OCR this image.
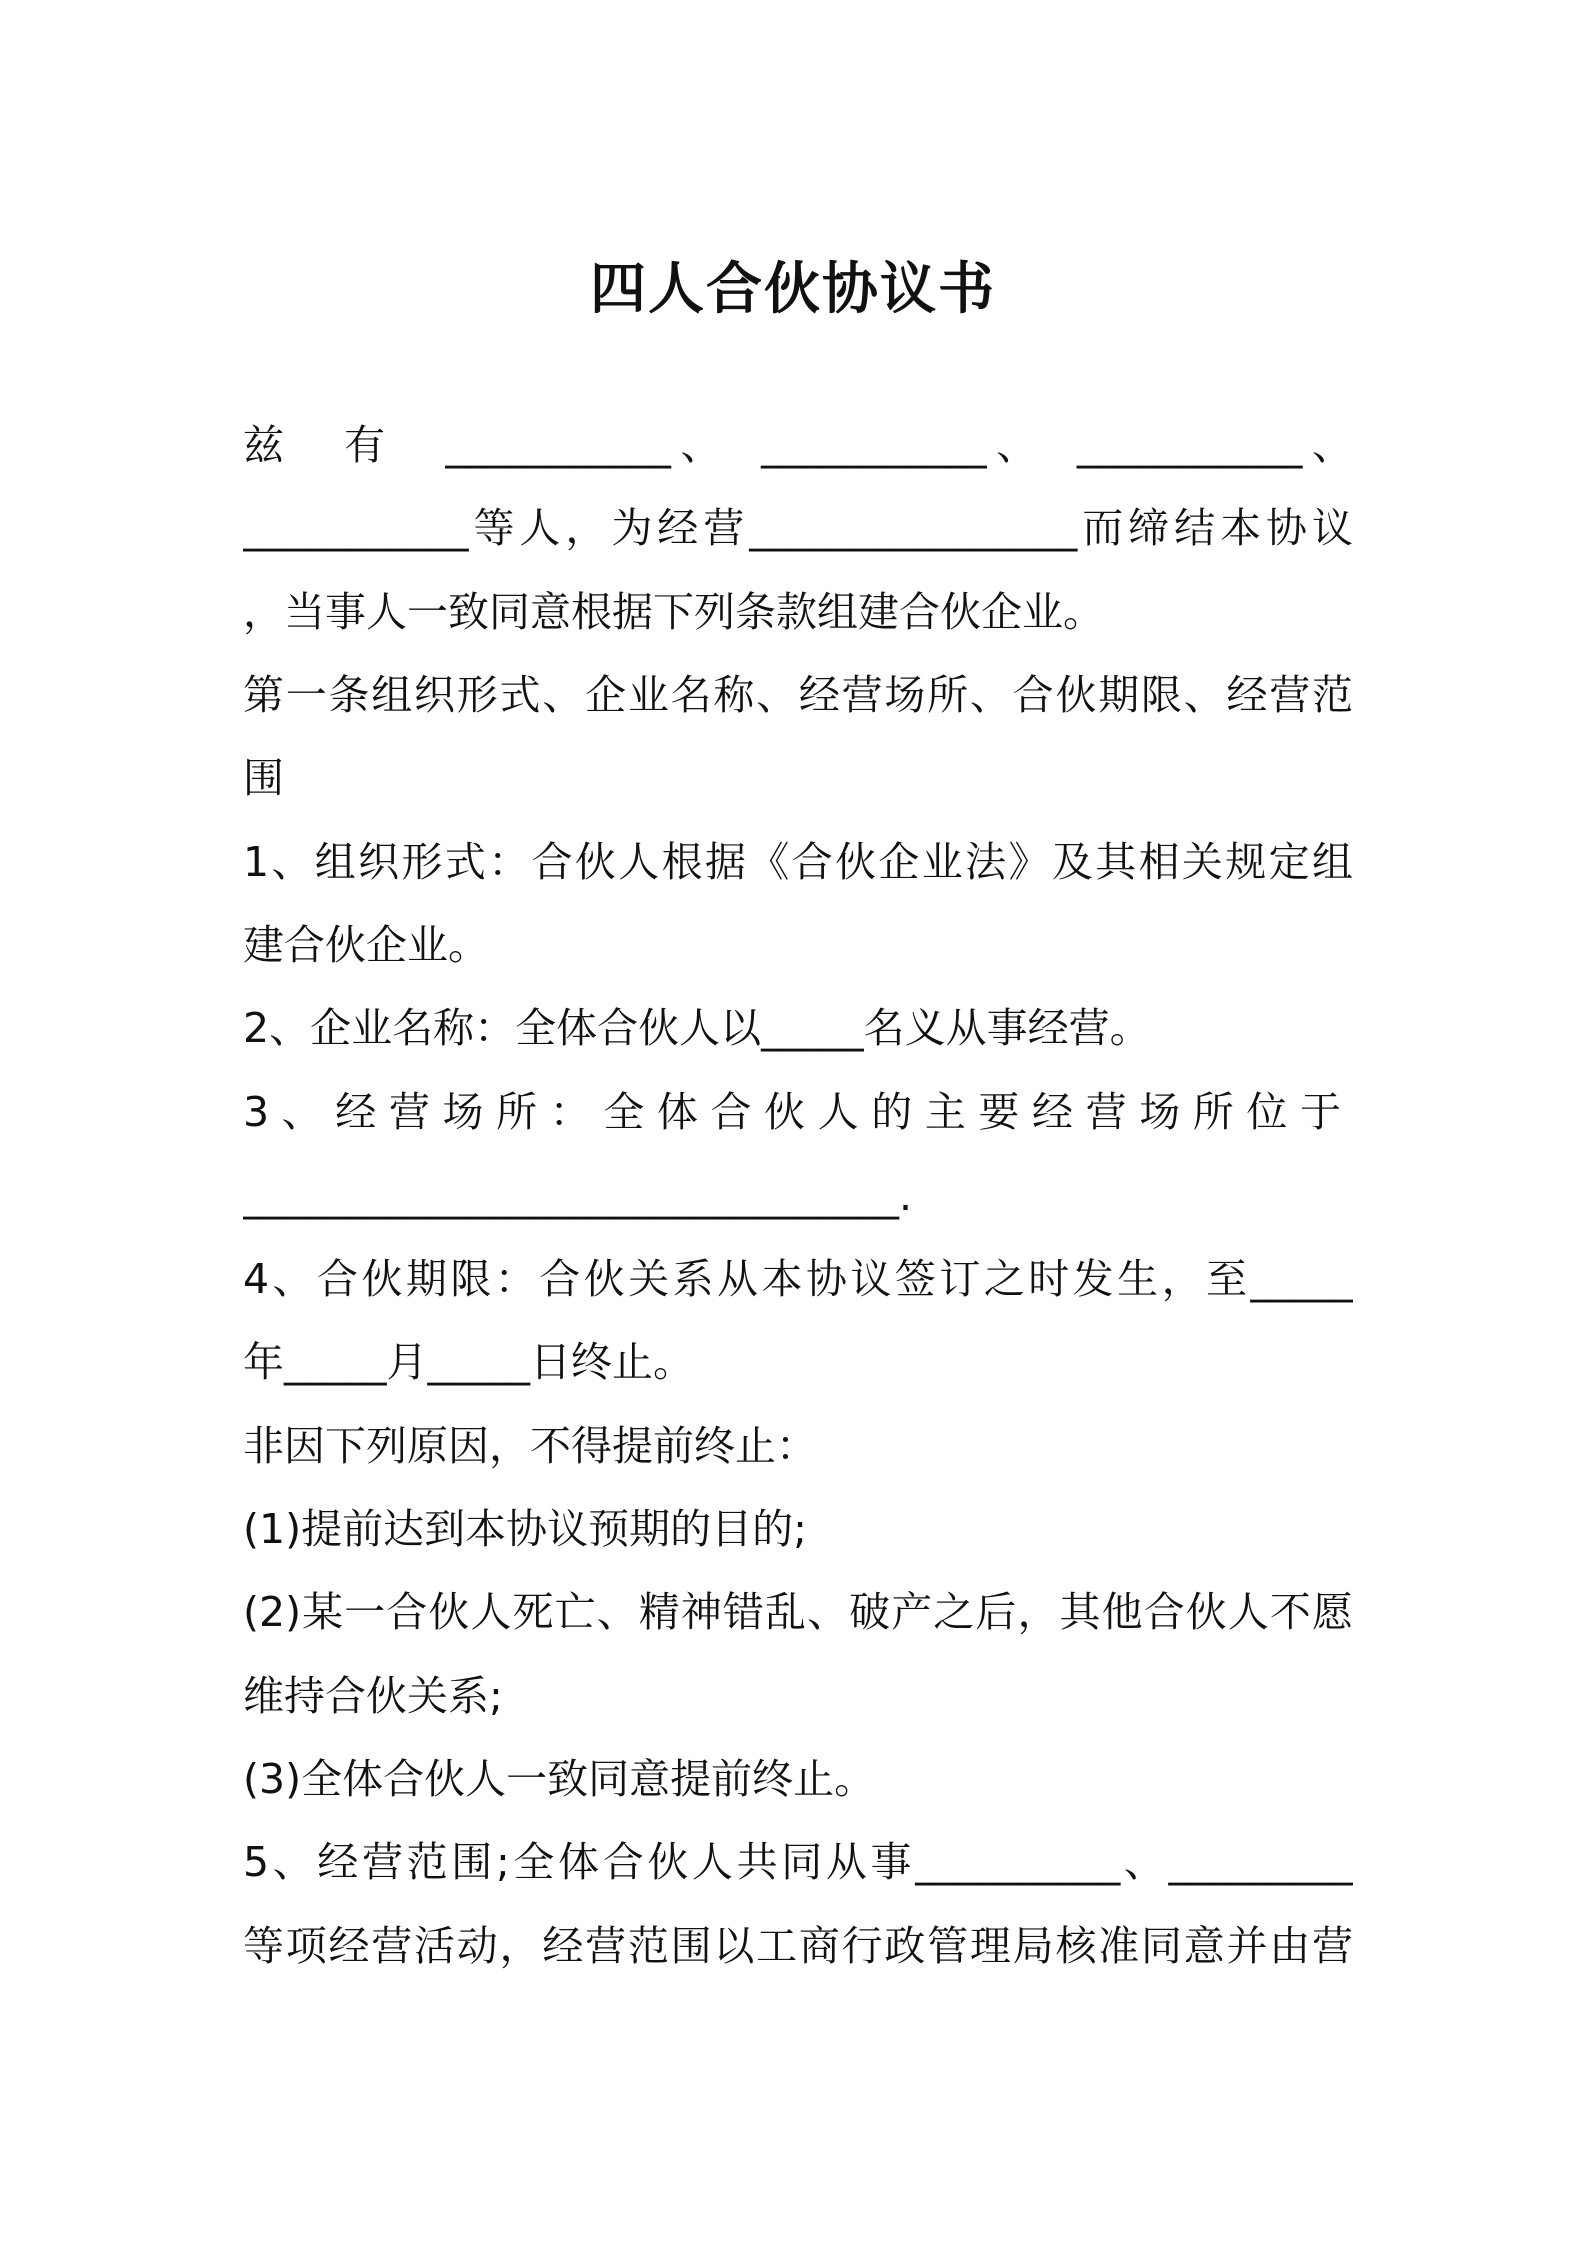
四人合伙协议书
兹　有　___________、　___________、　___________、
___________等人，为经营________________而缔结本协议
，当事人一致同意根据下列条款组建合伙企业。
第一条组织形式、企业名称、经营场所、合伙期限、经营范
围
1、组织形式：合伙人根据《合伙企业法》及其相关规定组
建合伙企业。
2、企业名称：全体合伙人以_____名义从事经营。
3、经营场所：全体合伙人的主要经营场所位于
________________________________.
4、合伙期限：合伙关系从本协议签订之时发生，至_____
年_____月_____日终止。
非因下列原因，不得提前终止：
(1)提前达到本协议预期的目的;
(2)某一合伙人死亡、精神错乱、破产之后，其他合伙人不愿
维持合伙关系;
(3)全体合伙人一致同意提前终止。
5、经营范围;全体合伙人共同从事__________、_________
等项经营活动，经营范围以工商行政管理局核准同意并由营
